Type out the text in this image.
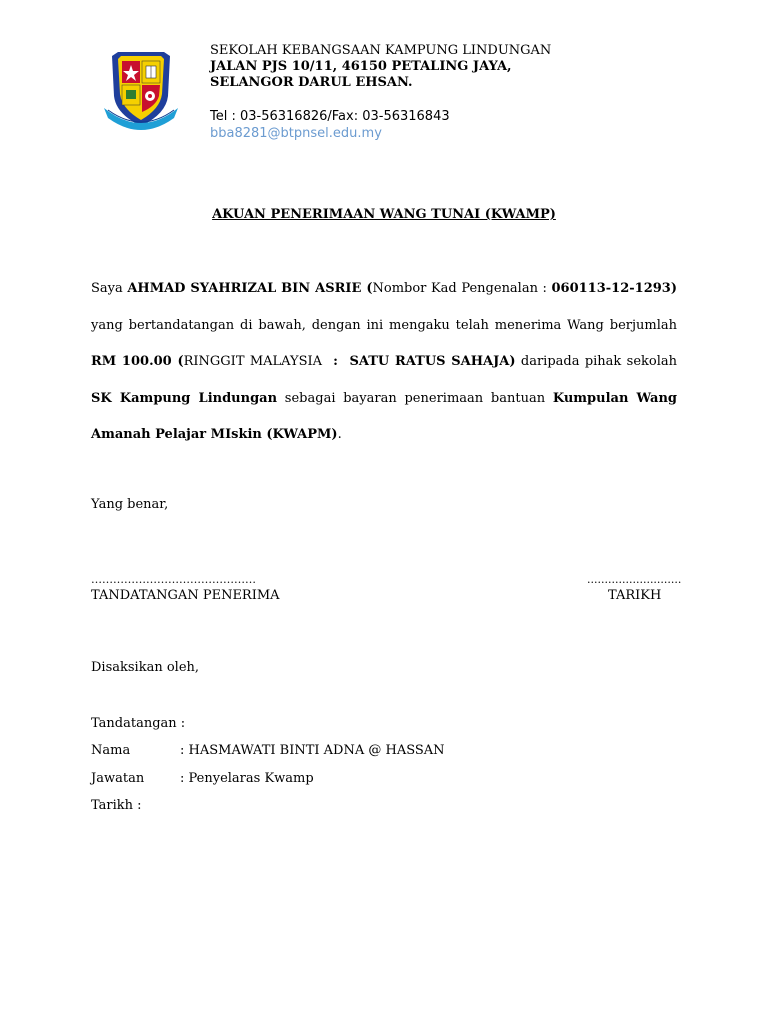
SEKOLAH KEBANGSAAN KAMPUNG LINDUNGAN
JALAN PJS 10/11, 46150 PETALING JAYA,
SELANGOR DARUL EHSAN.
Tel : 03-56316826/Fax: 03-56316843
bba8281@btpnsel.edu.my
AKUAN PENERIMAAN WANG TUNAI (KWAMP)
Saya AHMAD SYAHRIZAL BIN ASRIE (Nombor Kad Pengenalan : 060113-12-1293) yang bertandatangan di bawah, dengan ini mengaku telah menerima Wang berjumlah RM 100.00 (RINGGIT MALAYSIA  : SATU RATUS SAHAJA) daripada pihak sekolah SK Kampung Lindungan sebagai bayaran penerimaan bantuan Kumpulan Wang Amanah Pelajar MIskin (KWAPM).
Yang benar,
………………………………………	...........................
TANDATANGAN PENERIMA	TARIKH
Disaksikan oleh,
Tandatangan :
Nama	: HASMAWATI BINTI ADNA @ HASSAN
Jawatan	: Penyelaras Kwamp
Tarikh :
